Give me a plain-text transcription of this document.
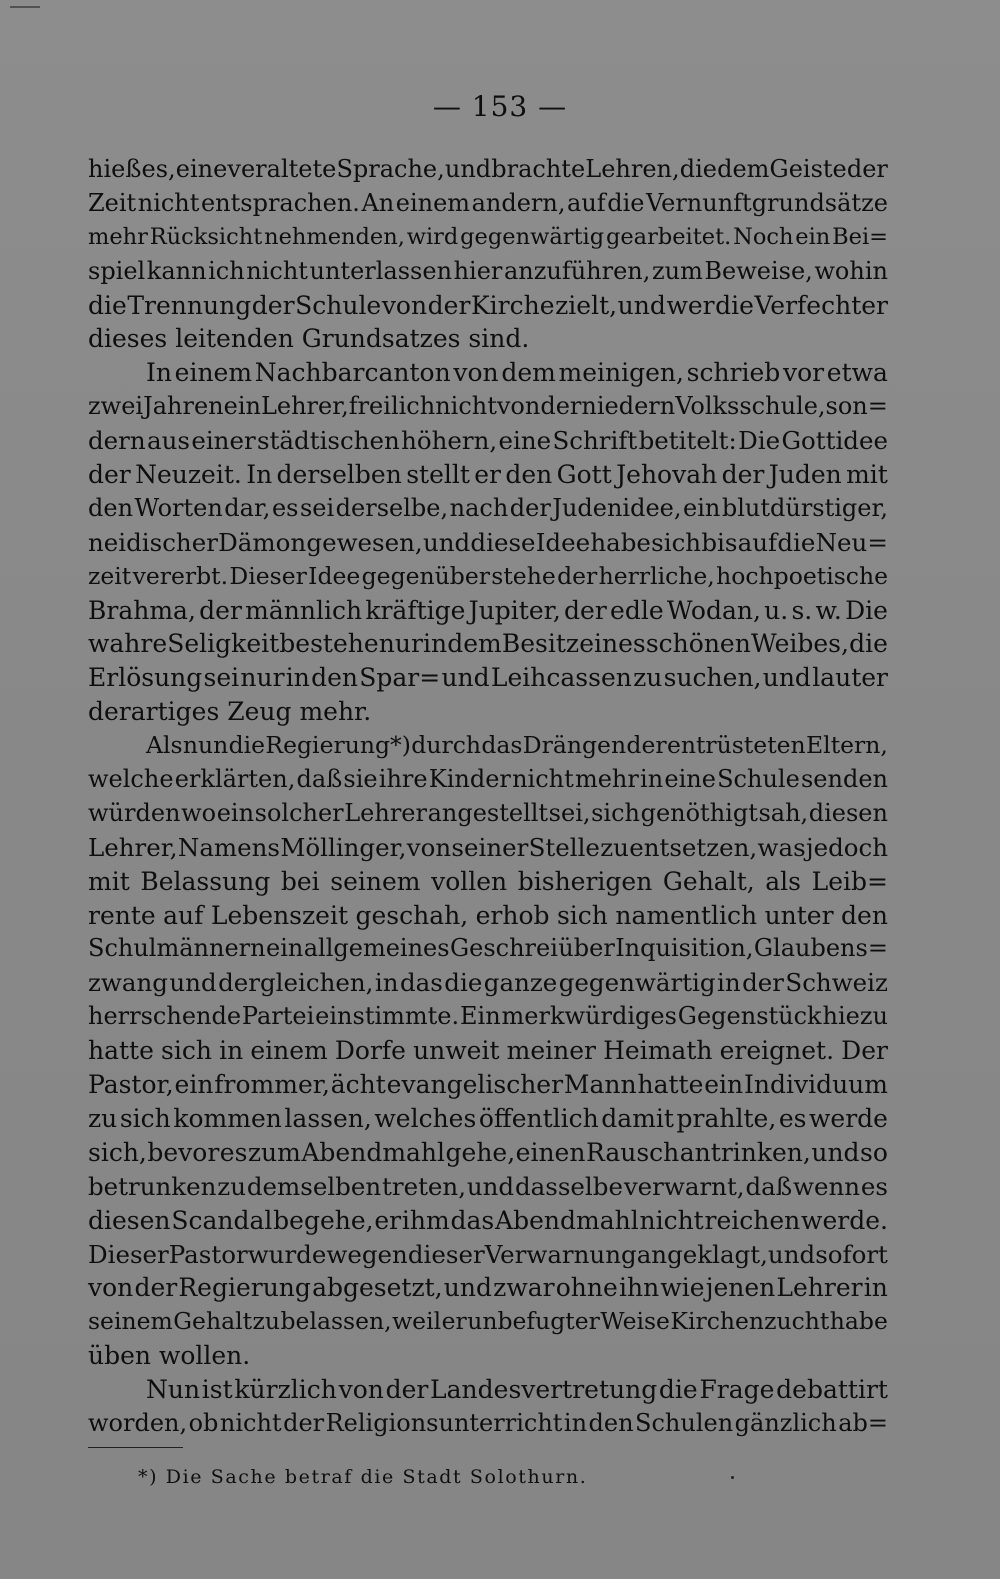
— 153 —
hieß es, eine veraltete Sprache, und brachte Lehren, die dem Geiste der
Zeit nicht entsprachen. An einem andern, auf die Vernunftgrundsätze
mehr Rücksicht nehmenden, wird gegenwärtig gearbeitet. Noch ein Bei=
spiel kann ich nicht unterlassen hier anzuführen, zum Beweise, wohin
die Trennung der Schule von der Kirche zielt, und wer die Verfechter
dieses leitenden Grundsatzes sind.
In einem Nachbarcanton von dem meinigen, schrieb vor etwa
zwei Jahren ein Lehrer, freilich nicht von der niedern Volksschule, son=
dern aus einer städtischen höhern, eine Schrift betitelt: Die Gottidee
der Neuzeit. In derselben stellt er den Gott Jehovah der Juden mit
den Worten dar, es sei derselbe, nach der Judenidee, ein blutdürstiger,
neidischer Dämon gewesen, und diese Idee habe sich bis auf die Neu=
zeit vererbt. Dieser Idee gegenüber stehe der herrliche, hochpoetische
Brahma, der männlich kräftige Jupiter, der edle Wodan, u. s. w. Die
wahre Seligkeit bestehe nur in dem Besitz eines schönen Weibes, die
Erlösung sei nur in den Spar= und Leihcassen zu suchen, und lauter
derartiges Zeug mehr.
Als nun die Regierung*) durch das Drängen der entrüsteten Eltern,
welche erklärten, daß sie ihre Kinder nicht mehr in eine Schule senden
würden wo ein solcher Lehrer angestellt sei, sich genöthigt sah, diesen
Lehrer, Namens Möllinger, von seiner Stelle zu entsetzen, was jedoch
mit Belassung bei seinem vollen bisherigen Gehalt, als Leib=
rente auf Lebenszeit geschah, erhob sich namentlich unter den
Schulmännern ein allgemeines Geschrei über Inquisition, Glaubens=
zwang und dergleichen, in das die ganze gegenwärtig in der Schweiz
herrschende Partei einstimmte. Ein merkwürdiges Gegenstück hiezu
hatte sich in einem Dorfe unweit meiner Heimath ereignet. Der
Pastor, ein frommer, ächt evangelischer Mann hatte ein Individuum
zu sich kommen lassen, welches öffentlich damit prahlte, es werde
sich, bevor es zum Abendmahl gehe, einen Rausch antrinken, und so
betrunken zu demselben treten, und dasselbe verwarnt, daß wenn es
diesen Scandal begehe, er ihm das Abendmahl nicht reichen werde.
Dieser Pastor wurde wegen dieser Verwarnung angeklagt, und sofort
von der Regierung abgesetzt, und zwar ohne ihn wie jenen Lehrer in
seinem Gehalt zu belassen, weil er unbefugter Weise Kirchenzucht habe
üben wollen.
Nun ist kürzlich von der Landesvertretung die Frage debattirt
worden, ob nicht der Religionsunterricht in den Schulen gänzlich ab=
*) Die Sache betraf die Stadt Solothurn.
